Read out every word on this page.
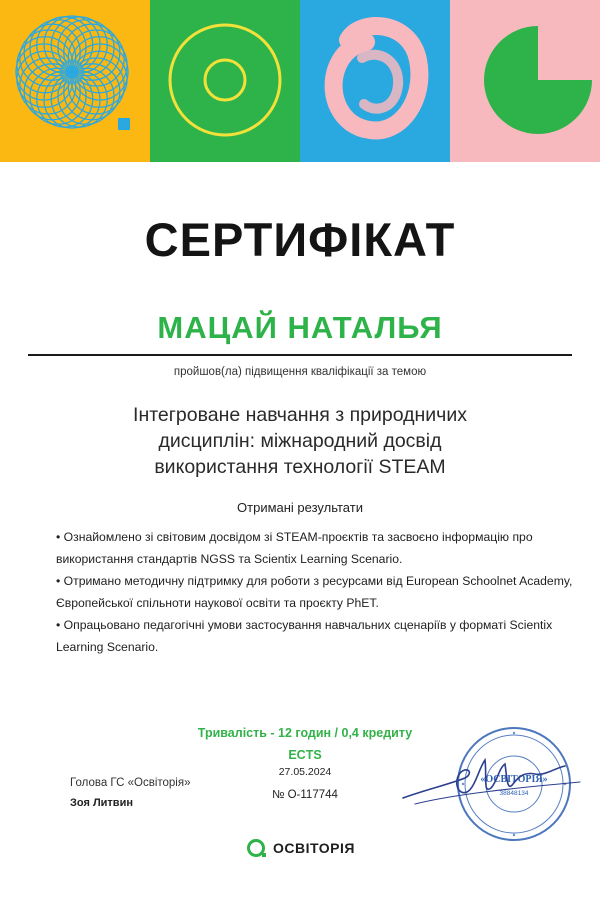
СЕРТИФІКАТ
МАЦАЙ НАТАЛЬЯ
пройшов(ла) підвищення кваліфікації за темою
Інтегроване навчання з природничих
дисциплін: міжнародний досвід
використання технології STEAM
Отримані результати
• Ознайомлено зі світовим досвідом зі STEAM-проєктів та засвоєно інформацію про використання стандартів NGSS та Scientix Learning Scenario.
• Отримано методичну підтримку для роботи з ресурсами від European Schoolnet Academy, Європейської спільноти наукової освіти та проєкту PhET.
• Опрацьовано педагогічні умови застосування навчальних сценаріїв у форматі Scientix Learning Scenario.
Тривалість - 12 годин / 0,4 кредиту
ECTS
27.05.2024
№ О-117744
Голова ГС «Освіторія»
Зоя Литвин
«ОСВІТОРІЯ»
38848134
ОСВІТОРІЯ
